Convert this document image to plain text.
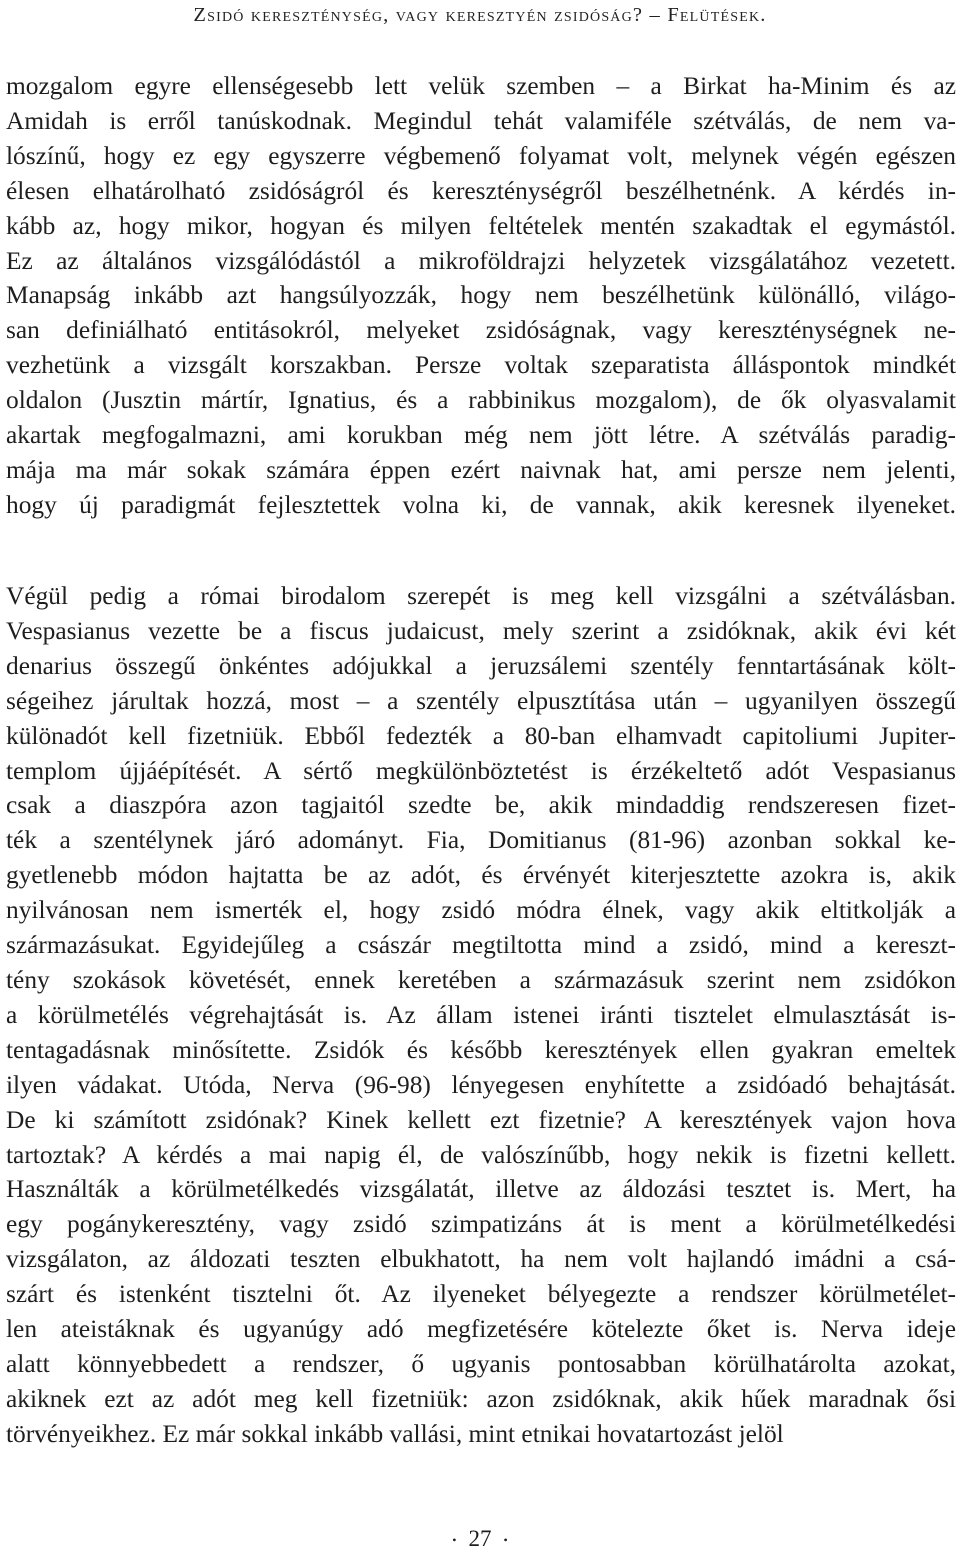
Zsidó kereszténység, vagy keresztyén zsidóság? – Felütések.
mozgalom egyre ellenségesebb lett velük szemben – a Birkat ha-Minim és az
Amidah is erről tanúskodnak. Megindul tehát valamiféle szétválás, de nem va-
lószínű, hogy ez egy egyszerre végbemenő folyamat volt, melynek végén egészen
élesen elhatárolható zsidóságról és kereszténységről beszélhetnénk. A kérdés in-
kább az, hogy mikor, hogyan és milyen feltételek mentén szakadtak el egymástól.
Ez az általános vizsgálódástól a mikroföldrajzi helyzetek vizsgálatához vezetett.
Manapság inkább azt hangsúlyozzák, hogy nem beszélhetünk különálló, világo-
san definiálható entitásokról, melyeket zsidóságnak, vagy kereszténységnek ne-
vezhetünk a vizsgált korszakban. Persze voltak szeparatista álláspontok mindkét
oldalon (Jusztin mártír, Ignatius, és a rabbinikus mozgalom), de ők olyasvalamit
akartak megfogalmazni, ami korukban még nem jött létre. A szétválás paradig-
mája ma már sokak számára éppen ezért naivnak hat, ami persze nem jelenti,
hogy új paradigmát fejlesztettek volna ki, de vannak, akik keresnek ilyeneket.
Végül pedig a római birodalom szerepét is meg kell vizsgálni a szétválásban.
Vespasianus vezette be a fiscus judaicust, mely szerint a zsidóknak, akik évi két
denarius összegű önkéntes adójukkal a jeruzsálemi szentély fenntartásának költ-
ségeihez járultak hozzá, most – a szentély elpusztítása után – ugyanilyen összegű
különadót kell fizetniük. Ebből fedezték a 80-ban elhamvadt capitoliumi Jupiter-
templom újjáépítését. A sértő megkülönböztetést is érzékeltető adót Vespasianus
csak a diaszpóra azon tagjaitól szedte be, akik mindaddig rendszeresen fizet-
ték a szentélynek járó adományt. Fia, Domitianus (81-96) azonban sokkal ke-
gyetlenebb módon hajtatta be az adót, és érvényét kiterjesztette azokra is, akik
nyilvánosan nem ismerték el, hogy zsidó módra élnek, vagy akik eltitkolják a
származásukat. Egyidejűleg a császár megtiltotta mind a zsidó, mind a kereszt-
tény szokások követését, ennek keretében a származásuk szerint nem zsidókon
a körülmetélés végrehajtását is. Az állam istenei iránti tisztelet elmulasztását is-
tentagadásnak minősítette. Zsidók és később keresztények ellen gyakran emeltek
ilyen vádakat. Utóda, Nerva (96-98) lényegesen enyhítette a zsidóadó behajtását.
De ki számított zsidónak? Kinek kellett ezt fizetnie? A keresztények vajon hova
tartoztak? A kérdés a mai napig él, de valószínűbb, hogy nekik is fizetni kellett.
Használták a körülmetélkedés vizsgálatát, illetve az áldozási tesztet is. Mert, ha
egy pogánykeresztény, vagy zsidó szimpatizáns át is ment a körülmetélkedési
vizsgálaton, az áldozati teszten elbukhatott, ha nem volt hajlandó imádni a csá-
szárt és istenként tisztelni őt. Az ilyeneket bélyegezte a rendszer körülmetélet-
len ateistáknak és ugyanúgy adó megfizetésére kötelezte őket is. Nerva ideje
alatt könnyebbedett a rendszer, ő ugyanis pontosabban körülhatárolta azokat,
akiknek ezt az adót meg kell fizetniük: azon zsidóknak, akik hűek maradnak ősi
törvényeikhez. Ez már sokkal inkább vallási, mint etnikai hovatartozást jelöl
• 27 •
